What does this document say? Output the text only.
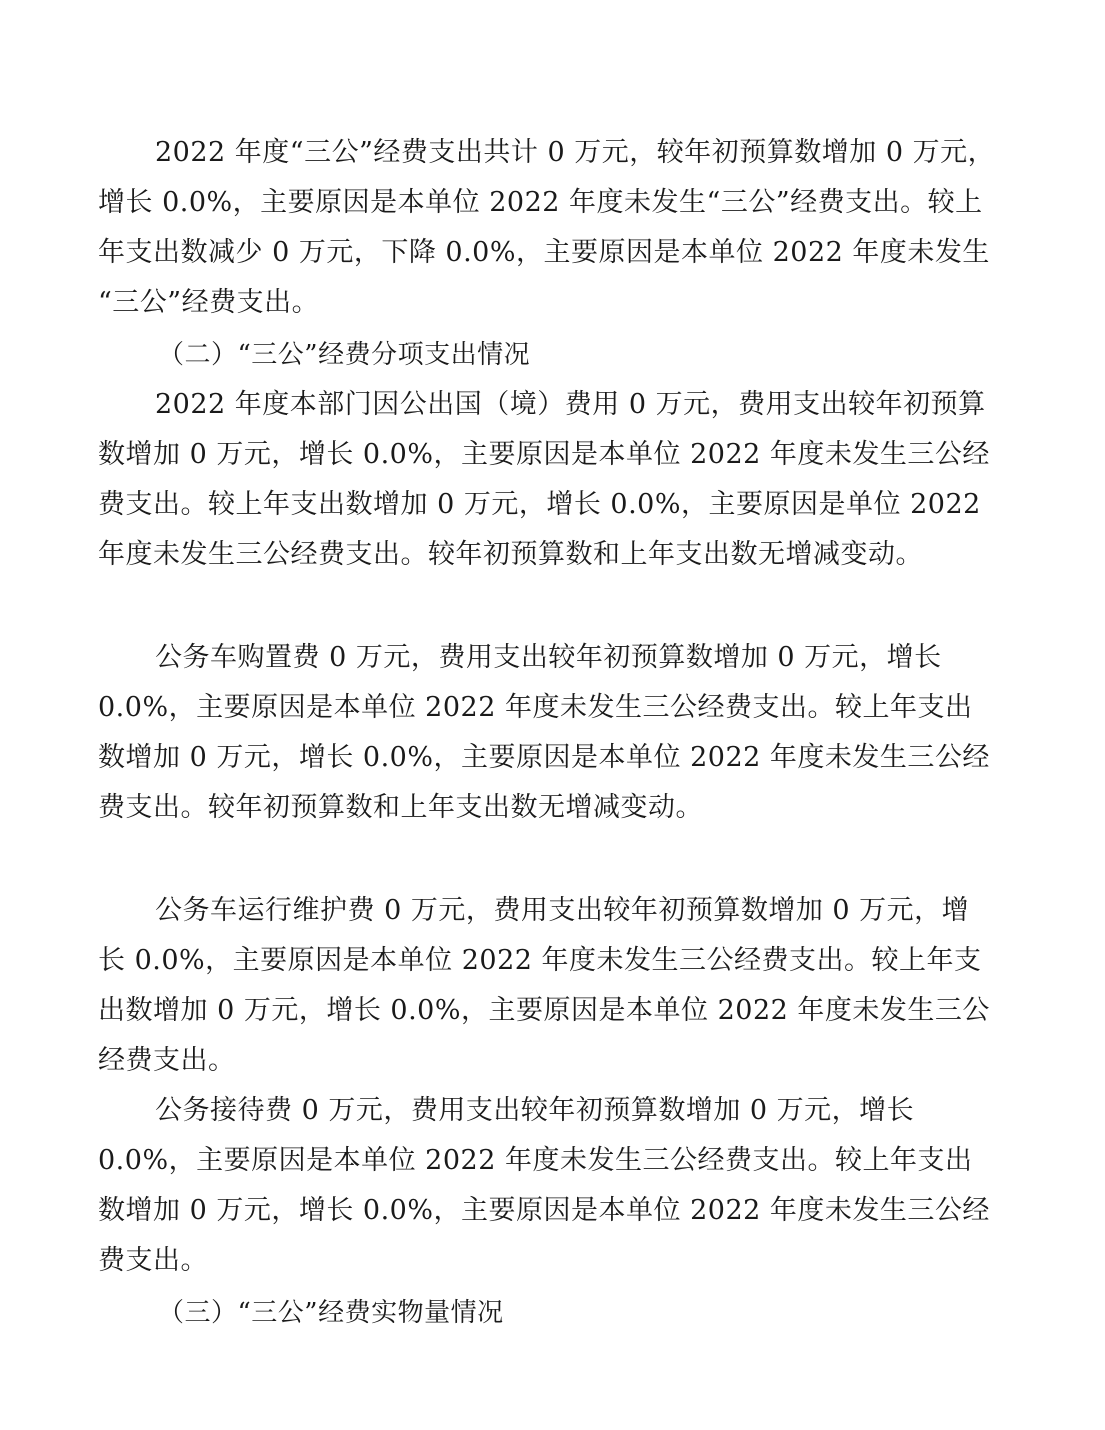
2022 年度“三公”经费支出共计 0 万元，较年初预算数增加 0 万元，
增长 0.0%，主要原因是本单位 2022 年度未发生“三公”经费支出。较上
年支出数减少 0 万元，下降 0.0%，主要原因是本单位 2022 年度未发生
“三公”经费支出。
（二）“三公”经费分项支出情况
2022 年度本部门因公出国（境）费用 0 万元，费用支出较年初预算
数增加 0 万元，增长 0.0%，主要原因是本单位 2022 年度未发生三公经
费支出。较上年支出数增加 0 万元，增长 0.0%，主要原因是单位 2022
年度未发生三公经费支出。较年初预算数和上年支出数无增减变动。
公务车购置费 0 万元，费用支出较年初预算数增加 0 万元，增长
0.0%，主要原因是本单位 2022 年度未发生三公经费支出。较上年支出
数增加 0 万元，增长 0.0%，主要原因是本单位 2022 年度未发生三公经
费支出。较年初预算数和上年支出数无增减变动。
公务车运行维护费 0 万元，费用支出较年初预算数增加 0 万元，增
长 0.0%，主要原因是本单位 2022 年度未发生三公经费支出。较上年支
出数增加 0 万元，增长 0.0%，主要原因是本单位 2022 年度未发生三公
经费支出。
公务接待费 0 万元，费用支出较年初预算数增加 0 万元，增长
0.0%，主要原因是本单位 2022 年度未发生三公经费支出。较上年支出
数增加 0 万元，增长 0.0%，主要原因是本单位 2022 年度未发生三公经
费支出。
（三）“三公”经费实物量情况
